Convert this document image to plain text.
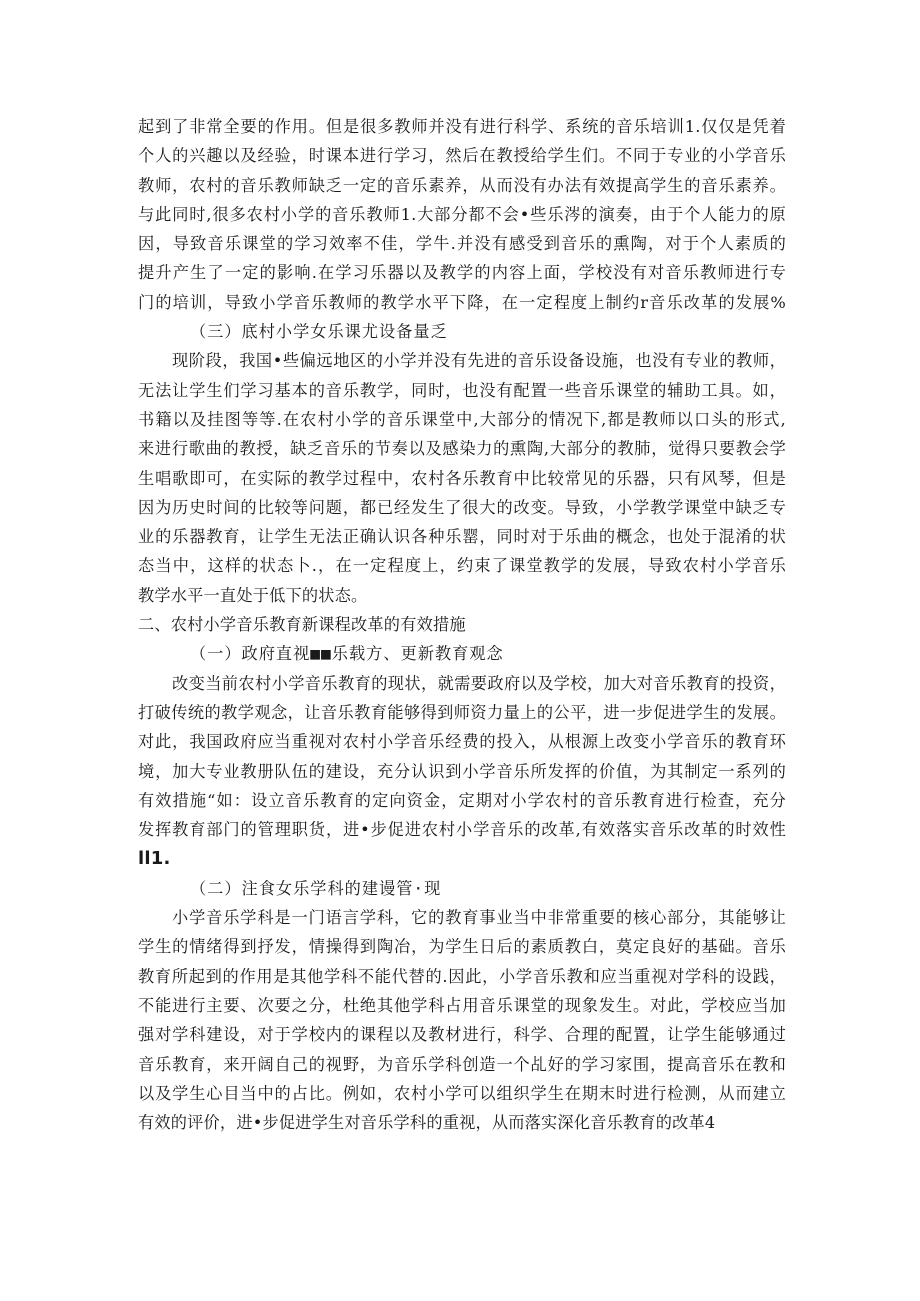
起到了非常全要的作用。但是很多教师并没有进行科学、系统的音乐培训1.仅仅是凭着
个人的兴趣以及经验，时课本进行学习，然后在教授给学生们。不同于专业的小学音乐
教师，农村的音乐教师缺乏一定的音乐素养，从而没有办法有效提高学生的音乐素养。
与此同时,很多农村小学的音乐教师1.大部分都不会•些乐涔的演奏，由于个人能力的原
因，导致音乐课堂的学习效率不佳，学牛.并没有感受到音乐的熏陶，对于个人素质的
提升产生了一定的影响.在学习乐器以及教学的内容上面，学校没有对音乐教师进行专
门的培训，导致小学音乐教师的教学水平下降，在一定程度上制约r音乐改革的发展%
（三）底村小学女乐课尤设备量乏
现阶段，我国•些偏远地区的小学并没有先进的音乐设备设施，也没有专业的教师，
无法让学生们学习基本的音乐教学，同时，也没有配置一些音乐课堂的辅助工具。如，
书籍以及挂图等等.在农村小学的音乐课堂中,大部分的情况下,都是教师以口头的形式,
来进行歌曲的教授，缺乏音乐的节奏以及感染力的熏陶,大部分的教肺，觉得只要教会学
生唱歌即可，在实际的教学过程中，农村各乐教育中比较常见的乐器，只有风琴，但是
因为历史时间的比较等问题，都已经发生了很大的改变。导致，小学教学课堂中缺乏专
业的乐器教育，让学生无法正确认识各种乐罂，同时对于乐曲的概念，也处于混淆的状
态当中，这样的状态卜.，在一定程度上，约束了课堂教学的发展，导致农村小学音乐
教学水平一直处于低下的状态。
二、农村小学音乐教育新课程改革的有效措施
（一）政府直视■■乐载方、更新教育观念
改变当前农村小学音乐教育的现状，就需要政府以及学校，加大对音乐教育的投资，
打破传统的教学观念，让音乐教育能够得到师资力量上的公平，进一步促进学生的发展。
对此，我国政府应当重视对农村小学音乐经费的投入，从根源上改变小学音乐的教育环
境，加大专业教册队伍的建设，充分认识到小学音乐所发挥的价值，为其制定一系列的
有效措施“如：设立音乐教育的定向资金，定期对小学农村的音乐教育进行检查，充分
发挥教育部门的管理职货，进•步促进农村小学音乐的改革,有效落实音乐改革的时效性
ll1.
（二）注食女乐学科的建谩管·现
小学音乐学科是一门语言学科，它的教育事业当中非常重要的核心部分，其能够让
学生的情绪得到抒发，情操得到陶冶，为学生日后的素质教白，莫定良好的基础。音乐
教育所起到的作用是其他学科不能代替的.因此，小学音乐教和应当重视对学科的设践，
不能进行主要、次要之分，杜绝其他学科占用音乐课堂的现象发生。对此，学校应当加
强对学科建设，对于学校内的课程以及教材进行，科学、合理的配置，让学生能够通过
音乐教育，来开阔自己的视野，为音乐学科创造一个乩好的学习家围，提高音乐在教和
以及学生心目当中的占比。例如，农村小学可以组织学生在期末时进行检测，从而建立
有效的评价，进•步促进学生对音乐学科的重视，从而落实深化音乐教育的改革4
